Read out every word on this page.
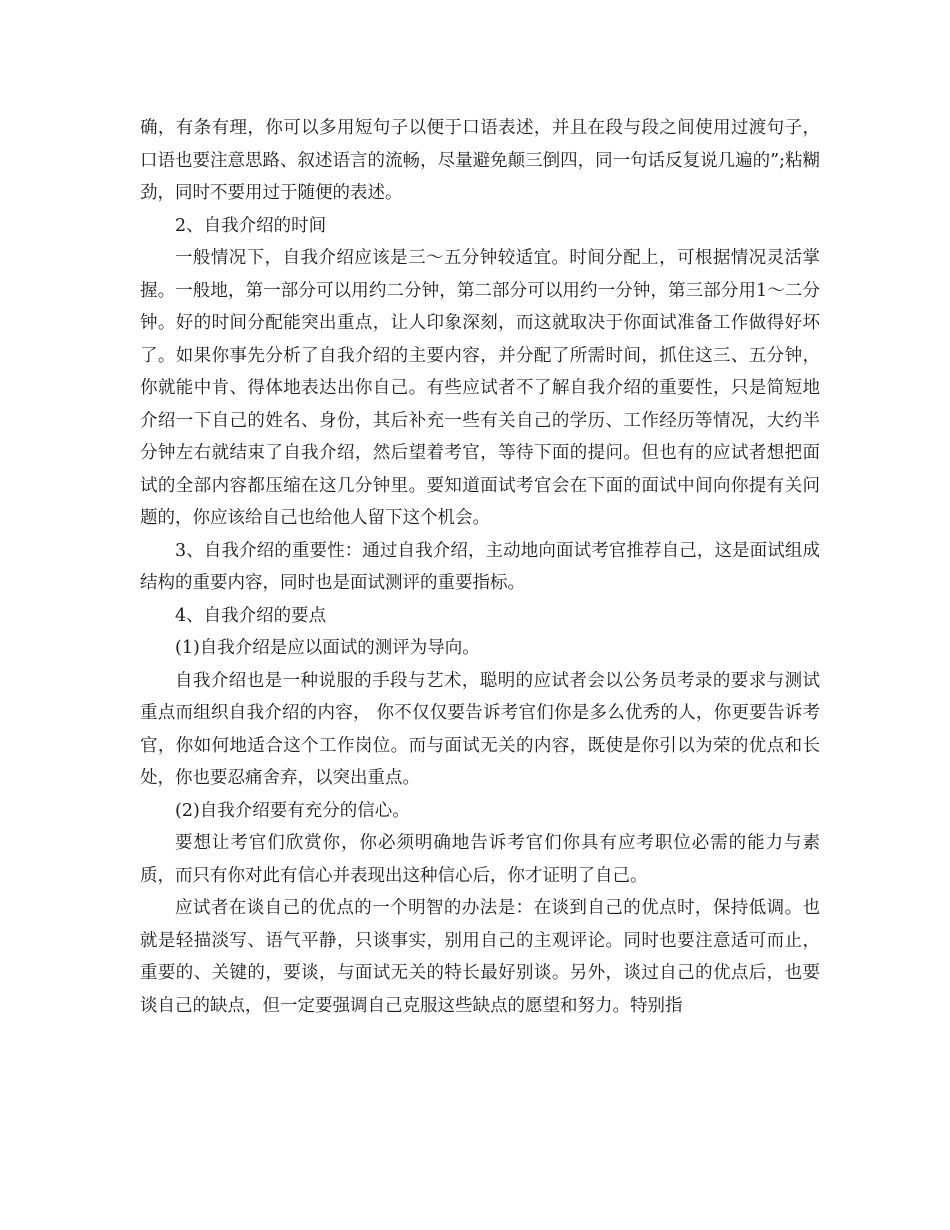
确，有条有理，你可以多用短句子以便于口语表述，并且在段与段之间使用过渡句子，口语也要注意思路、叙述语言的流畅，尽量避免颠三倒四，同一句话反复说几遍的”;粘糊劲，同时不要用过于随便的表述。

2、自我介绍的时间

一般情况下，自我介绍应该是三～五分钟较适宜。时间分配上，可根据情况灵活掌握。一般地，第一部分可以用约二分钟，第二部分可以用约一分钟，第三部分用1～二分钟。好的时间分配能突出重点，让人印象深刻，而这就取决于你面试准备工作做得好坏了。如果你事先分析了自我介绍的主要内容，并分配了所需时间，抓住这三、五分钟，你就能中肯、得体地表达出你自己。有些应试者不了解自我介绍的重要性，只是简短地介绍一下自己的姓名、身份，其后补充一些有关自己的学历、工作经历等情况，大约半分钟左右就结束了自我介绍，然后望着考官，等待下面的提问。但也有的应试者想把面试的全部内容都压缩在这几分钟里。要知道面试考官会在下面的面试中间向你提有关问题的，你应该给自己也给他人留下这个机会。

3、自我介绍的重要性：通过自我介绍，主动地向面试考官推荐自己，这是面试组成结构的重要内容，同时也是面试测评的重要指标。

4、自我介绍的要点

(1)自我介绍是应以面试的测评为导向。

自我介绍也是一种说服的手段与艺术，聪明的应试者会以公务员考录的要求与测试重点而组织自我介绍的内容， 你不仅仅要告诉考官们你是多么优秀的人，你更要告诉考官，你如何地适合这个工作岗位。而与面试无关的内容，既使是你引以为荣的优点和长处，你也要忍痛舍弃，以突出重点。

(2)自我介绍要有充分的信心。

要想让考官们欣赏你，你必须明确地告诉考官们你具有应考职位必需的能力与素质，而只有你对此有信心并表现出这种信心后，你才证明了自己。

应试者在谈自己的优点的一个明智的办法是：在谈到自己的优点时，保持低调。也就是轻描淡写、语气平静，只谈事实，别用自己的主观评论。同时也要注意适可而止，重要的、关键的，要谈，与面试无关的特长最好别谈。另外，谈过自己的优点后，也要谈自己的缺点，但一定要强调自己克服这些缺点的愿望和努力。特别指
